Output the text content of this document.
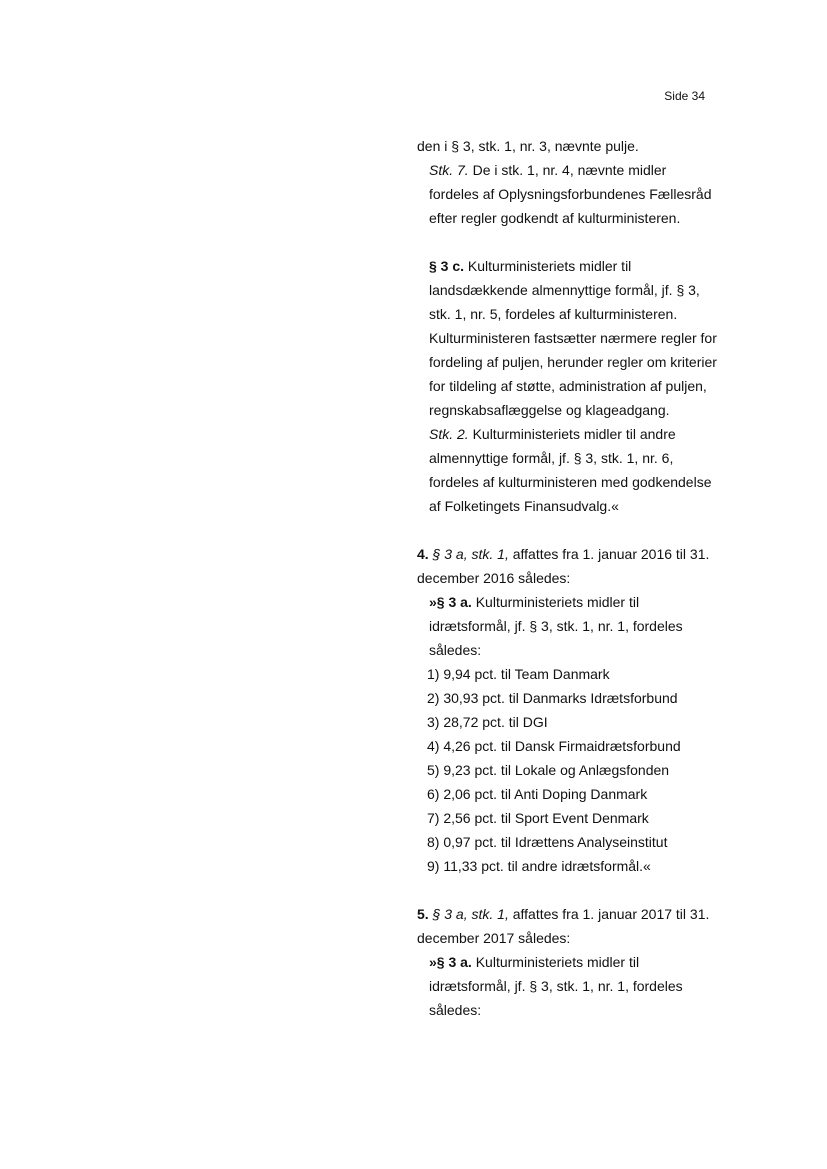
Side 34

den i § 3, stk. 1, nr. 3, nævnte pulje.

Stk. 7. De i stk. 1, nr. 4, nævnte midler fordeles af Oplysningsforbundenes Fællesråd efter regler godkendt af kulturministeren.

§ 3 c. Kulturministeriets midler til landsdækkende almennyttige formål, jf. § 3, stk. 1, nr. 5, fordeles af kulturministeren. Kulturministeren fastsætter nærmere regler for fordeling af puljen, herunder regler om kriterier for tildeling af støtte, administration af puljen, regnskabsaflæggelse og klageadgang.

Stk. 2. Kulturministeriets midler til andre almennyttige formål, jf. § 3, stk. 1, nr. 6, fordeles af kulturministeren med godkendelse af Folketingets Finansudvalg.«

4. § 3 a, stk. 1, affattes fra 1. januar 2016 til 31. december 2016 således:

»§ 3 a. Kulturministeriets midler til idrætsformål, jf. § 3, stk. 1, nr. 1, fordeles således:

1) 9,94 pct. til Team Danmark
2) 30,93 pct. til Danmarks Idrætsforbund
3) 28,72 pct. til DGI
4) 4,26 pct. til Dansk Firmaidrætsforbund
5) 9,23 pct. til Lokale og Anlægsfonden
6) 2,06 pct. til Anti Doping Danmark
7) 2,56 pct. til Sport Event Denmark
8) 0,97 pct. til Idrættens Analyseinstitut
9) 11,33 pct. til andre idrætsformål.«

5. § 3 a, stk. 1, affattes fra 1. januar 2017 til 31. december 2017 således:

»§ 3 a. Kulturministeriets midler til idrætsformål, jf. § 3, stk. 1, nr. 1, fordeles således:
